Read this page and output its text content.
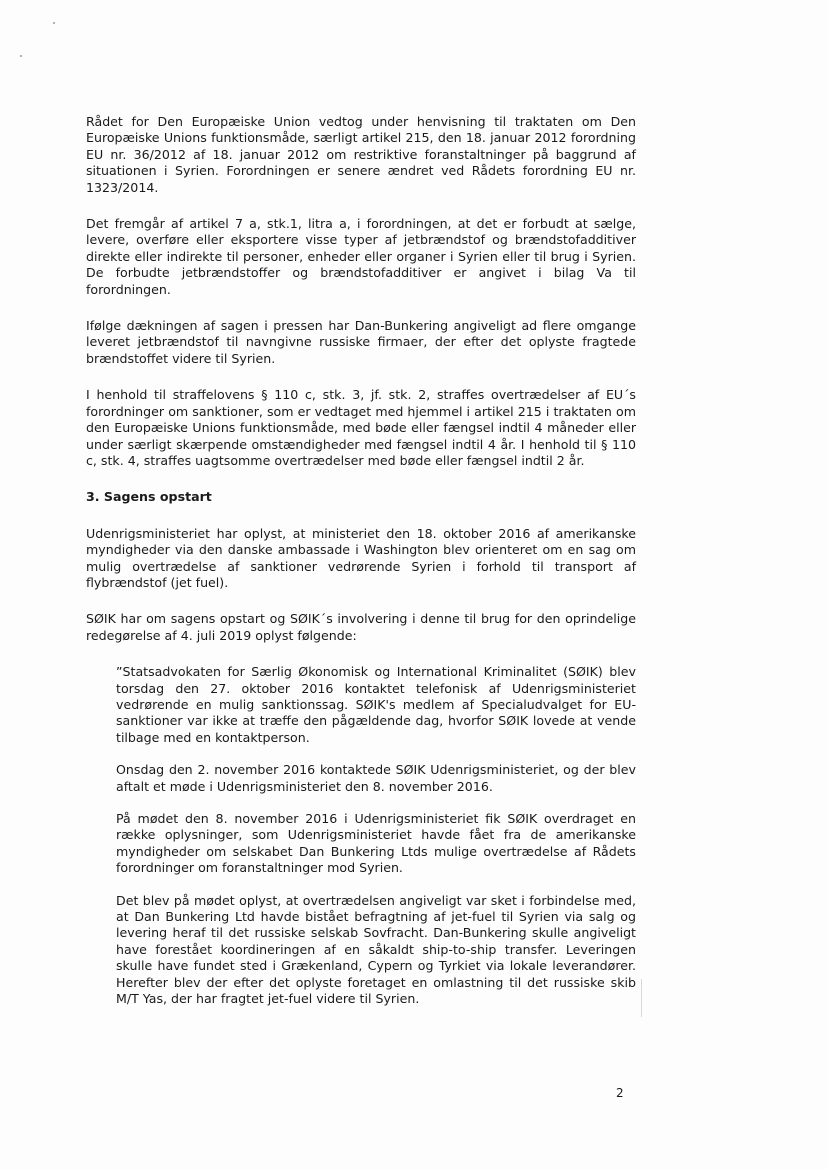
Rådet for Den Europæiske Union vedtog under henvisning til traktaten om Den Europæiske Unions funktionsmåde, særligt artikel 215, den 18. januar 2012 forordning EU nr. 36/2012 af 18. januar 2012 om restriktive foranstaltninger på baggrund af situationen i Syrien. Forordningen er senere ændret ved Rådets forordning EU nr. 1323/2014.

Det fremgår af artikel 7 a, stk.1, litra a, i forordningen, at det er forbudt at sælge, levere, overføre eller eksportere visse typer af jetbrændstof og brændstofadditiver direkte eller indirekte til personer, enheder eller organer i Syrien eller til brug i Syrien. De forbudte jetbrændstoffer og brændstofadditiver er angivet i bilag Va til forordningen.

Ifølge dækningen af sagen i pressen har Dan-Bunkering angiveligt ad flere omgange leveret jetbrændstof til navngivne russiske firmaer, der efter det oplyste fragtede brændstoffet videre til Syrien.

I henhold til straffelovens § 110 c, stk. 3, jf. stk. 2, straffes overtrædelser af EU´s forordninger om sanktioner, som er vedtaget med hjemmel i artikel 215 i traktaten om den Europæiske Unions funktionsmåde, med bøde eller fængsel indtil 4 måneder eller under særligt skærpende omstændigheder med fængsel indtil 4 år. I henhold til § 110 c, stk. 4, straffes uagtsomme overtrædelser med bøde eller fængsel indtil 2 år.

3. Sagens opstart

Udenrigsministeriet har oplyst, at ministeriet den 18. oktober 2016 af amerikanske myndigheder via den danske ambassade i Washington blev orienteret om en sag om mulig overtrædelse af sanktioner vedrørende Syrien i forhold til transport af flybrændstof (jet fuel).

SØIK har om sagens opstart og SØIK´s involvering i denne til brug for den oprindelige redegørelse af 4. juli 2019 oplyst følgende:

”Statsadvokaten for Særlig Økonomisk og International Kriminalitet (SØIK) blev torsdag den 27. oktober 2016 kontaktet telefonisk af Udenrigsministeriet vedrørende en mulig sanktionssag. SØIK's medlem af Specialudvalget for EU-sanktioner var ikke at træffe den pågældende dag, hvorfor SØIK lovede at vende tilbage med en kontaktperson.

Onsdag den 2. november 2016 kontaktede SØIK Udenrigsministeriet, og der blev aftalt et møde i Udenrigsministeriet den 8. november 2016.

På mødet den 8. november 2016 i Udenrigsministeriet fik SØIK overdraget en række oplysninger, som Udenrigsministeriet havde fået fra de amerikanske myndigheder om selskabet Dan Bunkering Ltds mulige overtrædelse af Rådets forordninger om foranstaltninger mod Syrien.

Det blev på mødet oplyst, at overtrædelsen angiveligt var sket i forbindelse med, at Dan Bunkering Ltd havde bistået befragtning af jet-fuel til Syrien via salg og levering heraf til det russiske selskab Sovfracht. Dan-Bunkering skulle angiveligt have forestået koordineringen af en såkaldt ship-to-ship transfer. Leveringen skulle have fundet sted i Grækenland, Cypern og Tyrkiet via lokale leverandører. Herefter blev der efter det oplyste foretaget en omlastning til det russiske skib M/T Yas, der har fragtet jet-fuel videre til Syrien.

2
